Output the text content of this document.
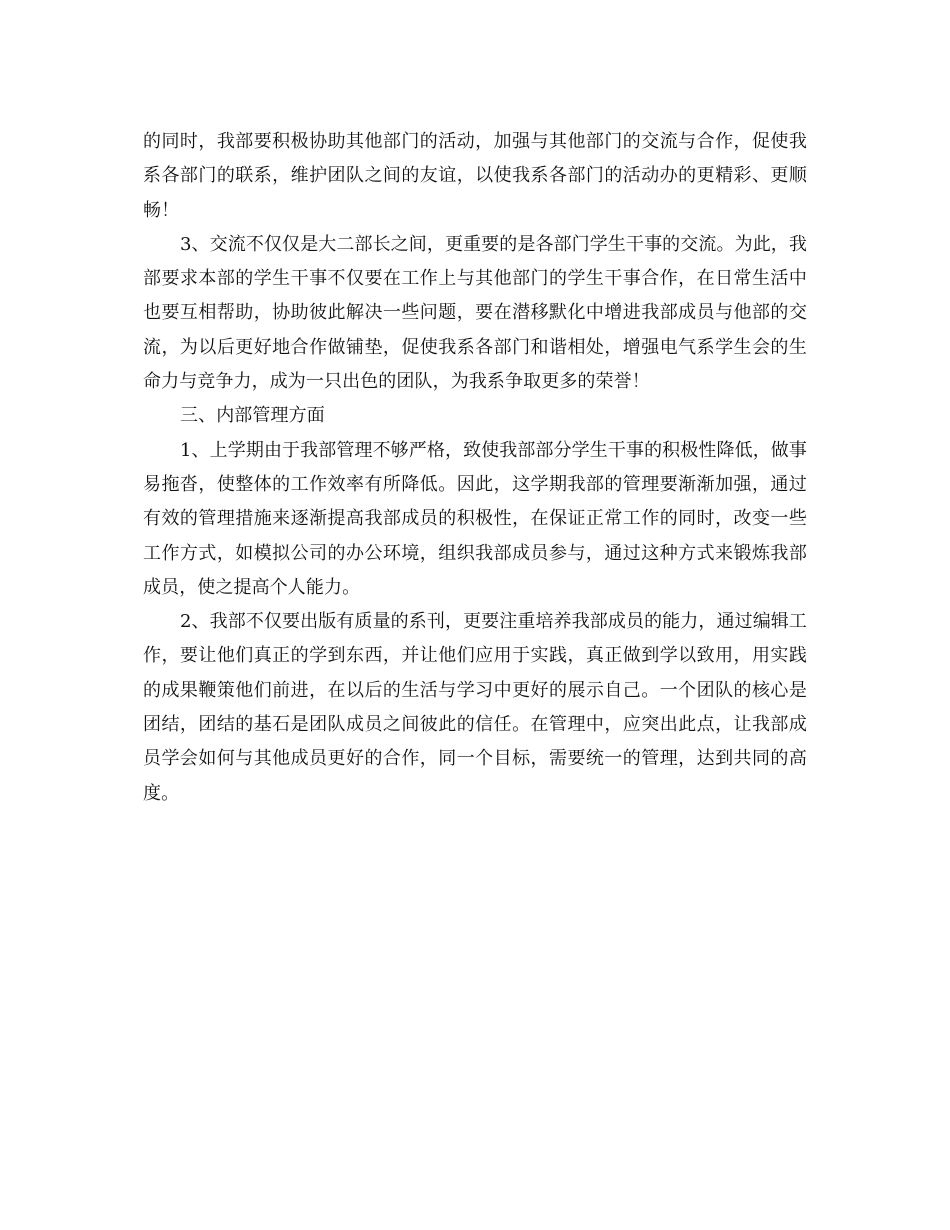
的同时，我部要积极协助其他部门的活动，加强与其他部门的交流与合作，促使我系各部门的联系，维护团队之间的友谊，以使我系各部门的活动办的更精彩、更顺畅！

3、交流不仅仅是大二部长之间，更重要的是各部门学生干事的交流。为此，我部要求本部的学生干事不仅要在工作上与其他部门的学生干事合作，在日常生活中也要互相帮助，协助彼此解决一些问题，要在潜移默化中增进我部成员与他部的交流，为以后更好地合作做铺垫，促使我系各部门和谐相处，增强电气系学生会的生命力与竞争力，成为一只出色的团队，为我系争取更多的荣誉！

三、内部管理方面

1、上学期由于我部管理不够严格，致使我部部分学生干事的积极性降低，做事易拖沓，使整体的工作效率有所降低。因此，这学期我部的管理要渐渐加强，通过有效的管理措施来逐渐提高我部成员的积极性，在保证正常工作的同时，改变一些工作方式，如模拟公司的办公环境，组织我部成员参与，通过这种方式来锻炼我部成员，使之提高个人能力。

2、我部不仅要出版有质量的系刊，更要注重培养我部成员的能力，通过编辑工作，要让他们真正的学到东西，并让他们应用于实践，真正做到学以致用，用实践的成果鞭策他们前进，在以后的生活与学习中更好的展示自己。一个团队的核心是团结，团结的基石是团队成员之间彼此的信任。在管理中，应突出此点，让我部成员学会如何与其他成员更好的合作，同一个目标，需要统一的管理，达到共同的高度。
